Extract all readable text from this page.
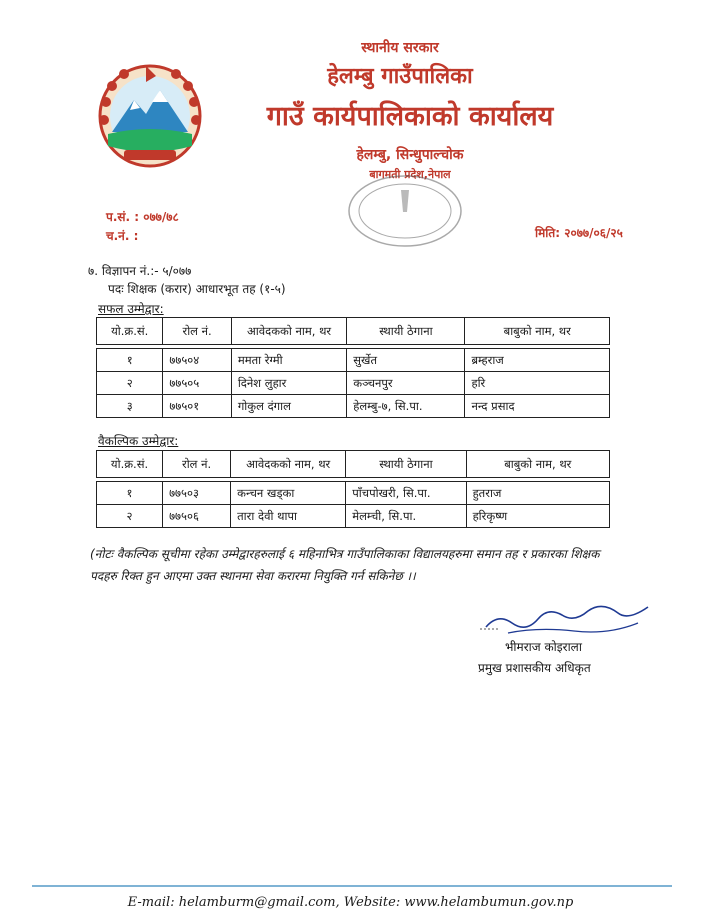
स्थानीय सरकार
हेलम्बु गाउँपालिका
गाउँ कार्यपालिकाको कार्यालय
हेलम्बु, सिन्धुपाल्चोक
बागमती प्रदेश,नेपाल
प.सं. : ०७७/७८
च.नं. :	मिति: २०७७/०६/२५
७. विज्ञापन नं.:- ५/०७७
पदः शिक्षक (करार) आधारभूत तह (१-५)
सफल उम्मेद्वार:
यो.क्र.सं.	रोल नं.	आवेदकको नाम, थर	स्थायी ठेगाना	बाबुको नाम, थर

१	७७५०४	ममता रेग्मी	सुर्खेत	ब्रम्हराज
२	७७५०५	दिनेश लुहार	कञ्चनपुर	हरि
३	७७५०१	गोकुल दंगाल	हेलम्बु-७, सि.पा.	नन्द प्रसाद
वैकल्पिक उम्मेद्वार:
यो.क्र.सं.	रोल नं.	आवेदकको नाम, थर	स्थायी ठेगाना	बाबुको नाम, थर

१	७७५०३	कन्चन खड्का	पाँचपोखरी, सि.पा.	हुतराज
२	७७५०६	तारा देवी थापा	मेलम्ची, सि.पा.	हरिकृष्ण
(नोटः वैकल्पिक सूचीमा रहेका उम्मेद्वारहरुलाई ६ महिनाभित्र गाउँपालिकाका विद्यालयहरुमा समान तह र प्रकारका शिक्षक पदहरु रिक्त हुन आएमा उक्त स्थानमा सेवा करारमा नियुक्ति गर्न सकिनेछ ।।
भीमराज कोइराला
प्रमुख प्रशासकीय अधिकृत
E-mail: helamburm@gmail.com, Website: www.helambumun.gov.np
